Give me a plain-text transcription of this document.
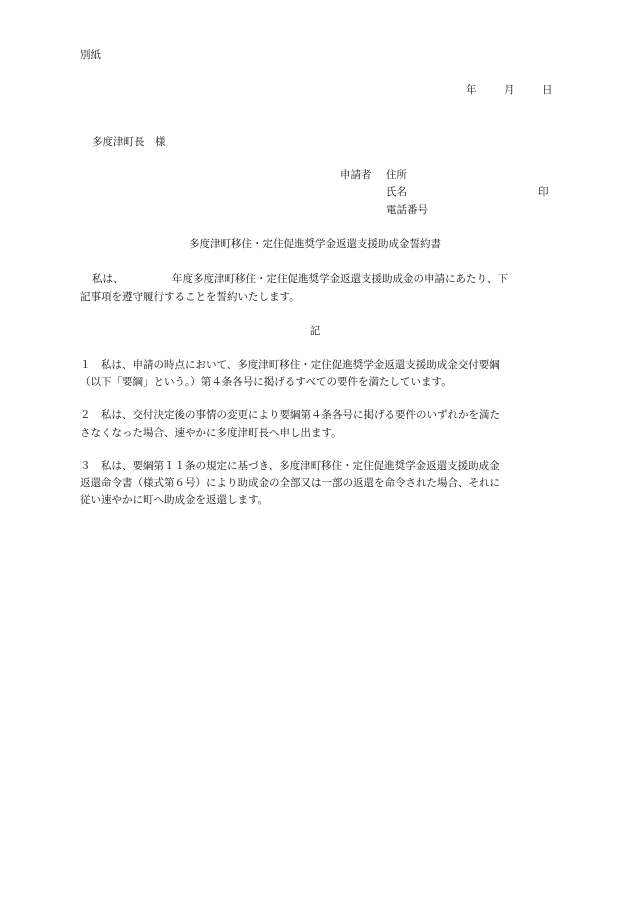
別紙
年	月	日
多度津町長　様
申請者 住所
氏名	印
電話番号
多度津町移住・定住促進奨学金返還支援助成金誓約書
私は、	年度多度津町移住・定住促進奨学金返還支援助成金の申請にあたり、下
記事項を遵守履行することを誓約いたします。
記
１　私は、申請の時点において、多度津町移住・定住促進奨学金返還支援助成金交付要綱
（以下「要綱」という。）第４条各号に掲げるすべての要件を満たしています。
２　私は、交付決定後の事情の変更により要綱第４条各号に掲げる要件のいずれかを満た
さなくなった場合、速やかに多度津町長へ申し出ます。
３　私は、要綱第１１条の規定に基づき、多度津町移住・定住促進奨学金返還支援助成金
返還命令書（様式第６号）により助成金の全部又は一部の返還を命令された場合、それに
従い速やかに町へ助成金を返還します。
